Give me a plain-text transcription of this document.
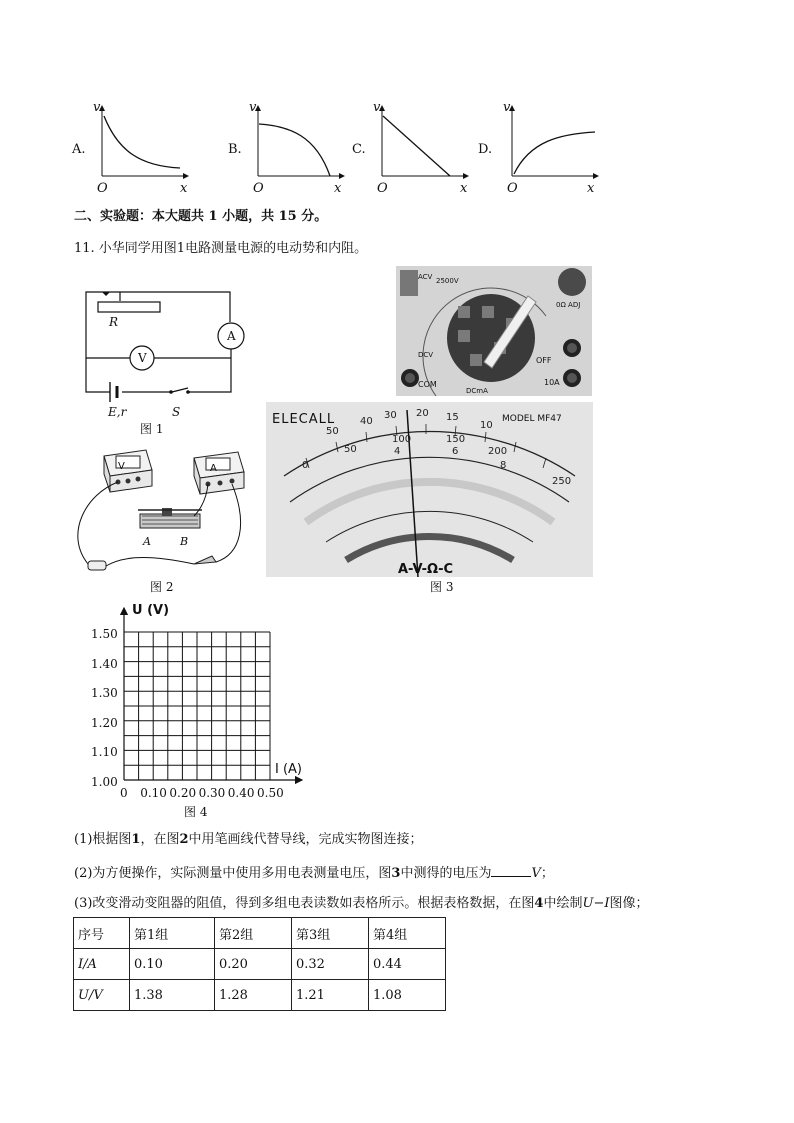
A.	B.	C.	D.
v	v	v	v
O	O	O	O
x	x	x	x
二、实验题：本大题共 1 小题，共 15 分。
11. 小华同学用图1电路测量电源的电动势和内阻。
R
A
V
E,r	S
图 1
V	A
A	B
图 2
ACV 2500V
0Ω ADJ
OFF
DCV
COM
DCmA
10A
50
40
30 20 15
10
100	150
200
50
0
250
4	6
8
ELECALL	MODEL MF47
A-V-Ω-C
图 3
U (V)
I (A)
1.50
1.40
1.30
1.20
1.10
1.00
0 0.10 0.20 0.30 0.40 0.50
图 4
(1)根据图1，在图2中用笔画线代替导线，完成实物图连接；
(2)为方便操作，实际测量中使用多用电表测量电压，图3中测得的电压为	V；
(3)改变滑动变阻器的阻值，得到多组电表读数如表格所示。根据表格数据，在图4中绘制U−I图像；
序号	第1组	第2组	第3组	第4组
I/A	0.10	0.20	0.32	0.44
U/V	1.38	1.28	1.21	1.08
